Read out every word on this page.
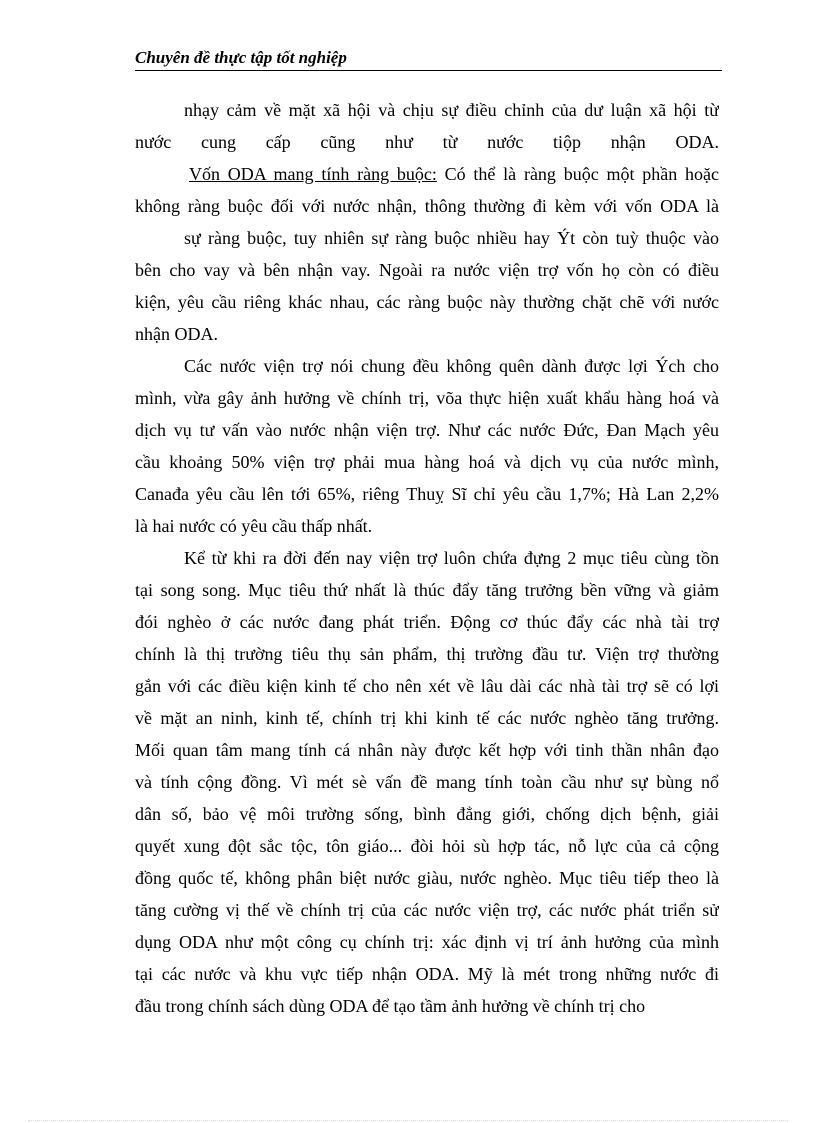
Chuyên đề thực tập tốt nghiệp
nhạy cảm về mặt xã hội và chịu sự điều chỉnh của dư luận xã hội từ
nước cung cấp cũng như từ nước tiộp nhận ODA.
Vốn ODA mang tính ràng buộc: Có thể là ràng buộc một phần hoặc
không ràng buộc đối với nước nhận, thông thường đi kèm với vốn ODA là
sự ràng buộc, tuy nhiên sự ràng buộc nhiều hay Ýt còn tuỳ thuộc vào
bên cho vay và bên nhận vay. Ngoài ra nước viện trợ vốn họ còn có điều
kiện, yêu cầu riêng khác nhau, các ràng buộc này thường chặt chẽ với nước
nhận ODA.
Các nước viện trợ nói chung đều không quên dành được lợi Ých cho
mình, vừa gây ảnh hưởng về chính trị, võa thực hiện xuất khẩu hàng hoá và
dịch vụ tư vấn vào nước nhận viện trợ. Như các nước Đức, Đan Mạch yêu
cầu khoảng 50% viện trợ phải mua hàng hoá và dịch vụ của nước mình,
Canađa yêu cầu lên tới 65%, riêng Thuỵ Sĩ chỉ yêu cầu 1,7%; Hà Lan 2,2%
là hai nước có yêu cầu thấp nhất.
Kể từ khi ra đời đến nay viện trợ luôn chứa đựng 2 mục tiêu cùng tồn
tại song song. Mục tiêu thứ nhất là thúc đẩy tăng trưởng bền vững và giảm
đói nghèo ở các nước đang phát triển. Động cơ thúc đẩy các nhà tài trợ
chính là thị trường tiêu thụ sản phẩm, thị trường đầu tư. Viện trợ thường
gắn với các điều kiện kinh tế cho nên xét về lâu dài các nhà tài trợ sẽ có lợi
về mặt an ninh, kinh tế, chính trị khi kinh tế các nước nghèo tăng trưởng.
Mối quan tâm mang tính cá nhân này được kết hợp với tinh thần nhân đạo
và tính cộng đồng. Vì mét sè vấn đề mang tính toàn cầu như sự bùng nổ
dân số, bảo vệ môi trường sống, bình đẳng giới, chống dịch bệnh, giải
quyết xung đột sắc tộc, tôn giáo... đòi hỏi sù hợp tác, nỗ lực của cả cộng
đồng quốc tế, không phân biệt nước giàu, nước nghèo. Mục tiêu tiếp theo là
tăng cường vị thế về chính trị của các nước viện trợ, các nước phát triển sử
dụng ODA như một công cụ chính trị: xác định vị trí ảnh hưởng của mình
tại các nước và khu vực tiếp nhận ODA. Mỹ là mét trong những nước đi
đầu trong chính sách dùng ODA để tạo tầm ảnh hưởng về chính trị cho
